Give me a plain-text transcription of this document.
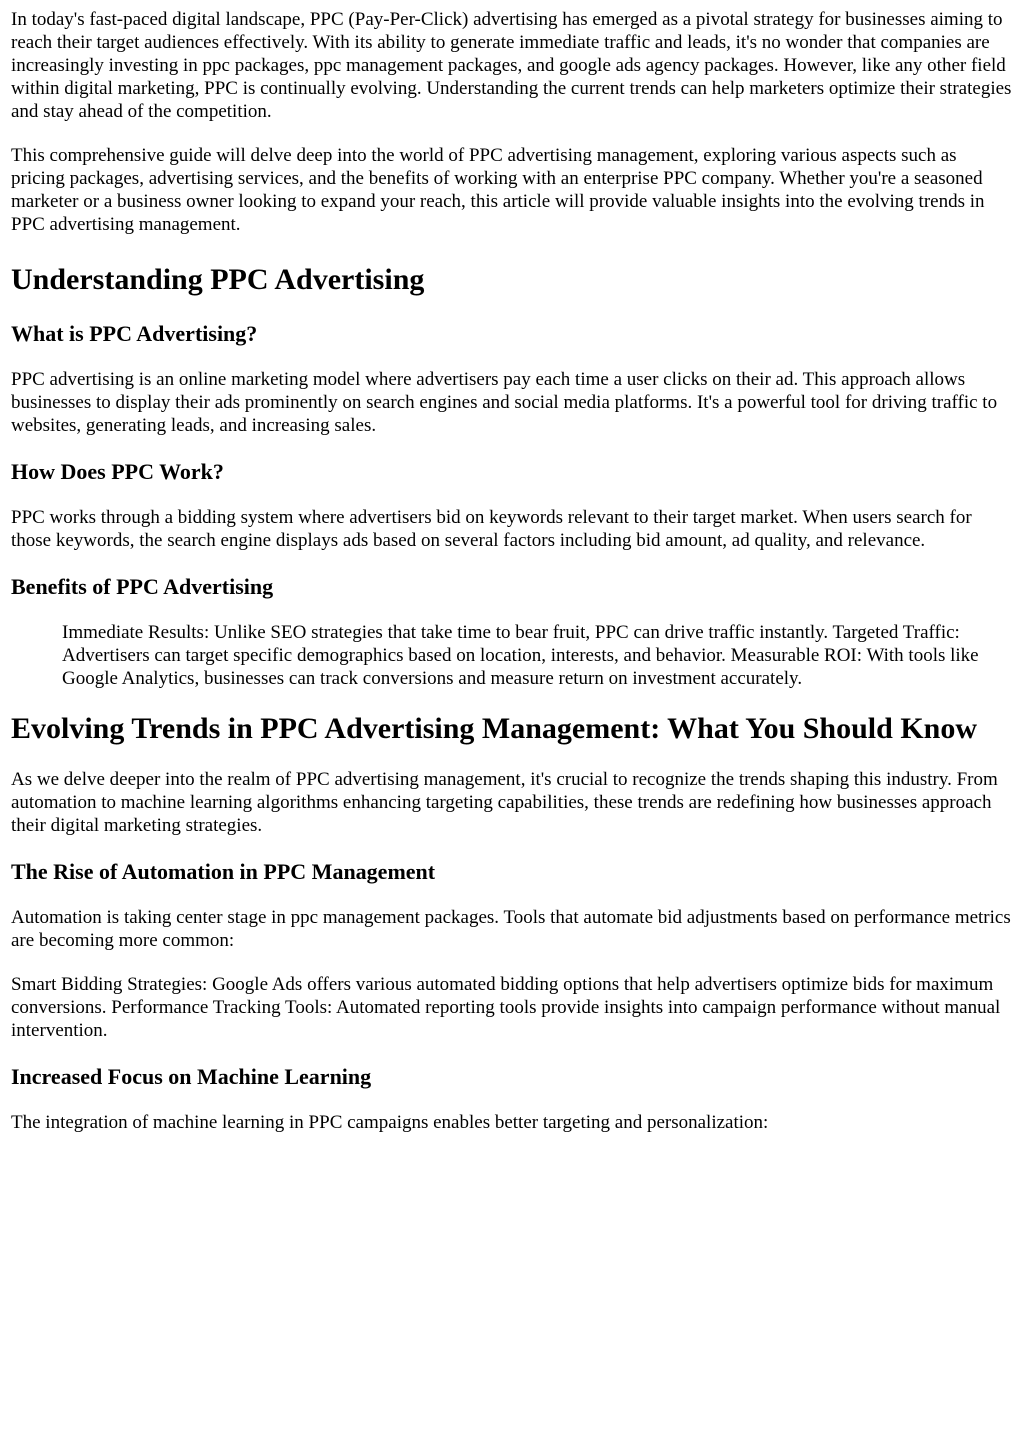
In today's fast-paced digital landscape, PPC (Pay-Per-Click) advertising has emerged as a pivotal strategy for businesses aiming to reach their target audiences effectively. With its ability to generate immediate traffic and leads, it's no wonder that companies are increasingly investing in ppc packages, ppc management packages, and google ads agency packages. However, like any other field within digital marketing, PPC is continually evolving. Understanding the current trends can help marketers optimize their strategies and stay ahead of the competition.

This comprehensive guide will delve deep into the world of PPC advertising management, exploring various aspects such as pricing packages, advertising services, and the benefits of working with an enterprise PPC company. Whether you're a seasoned marketer or a business owner looking to expand your reach, this article will provide valuable insights into the evolving trends in PPC advertising management.

Understanding PPC Advertising
What is PPC Advertising?

PPC advertising is an online marketing model where advertisers pay each time a user clicks on their ad. This approach allows businesses to display their ads prominently on search engines and social media platforms. It's a powerful tool for driving traffic to websites, generating leads, and increasing sales.

How Does PPC Work?

PPC works through a bidding system where advertisers bid on keywords relevant to their target market. When users search for those keywords, the search engine displays ads based on several factors including bid amount, ad quality, and relevance.

Benefits of PPC Advertising

Immediate Results: Unlike SEO strategies that take time to bear fruit, PPC can drive traffic instantly. Targeted Traffic: Advertisers can target specific demographics based on location, interests, and behavior. Measurable ROI: With tools like Google Analytics, businesses can track conversions and measure return on investment accurately.

Evolving Trends in PPC Advertising Management: What You Should Know

As we delve deeper into the realm of PPC advertising management, it's crucial to recognize the trends shaping this industry. From automation to machine learning algorithms enhancing targeting capabilities, these trends are redefining how businesses approach their digital marketing strategies.

The Rise of Automation in PPC Management

Automation is taking center stage in ppc management packages. Tools that automate bid adjustments based on performance metrics are becoming more common:

Smart Bidding Strategies: Google Ads offers various automated bidding options that help advertisers optimize bids for maximum conversions. Performance Tracking Tools: Automated reporting tools provide insights into campaign performance without manual intervention.

Increased Focus on Machine Learning

The integration of machine learning in PPC campaigns enables better targeting and personalization:
